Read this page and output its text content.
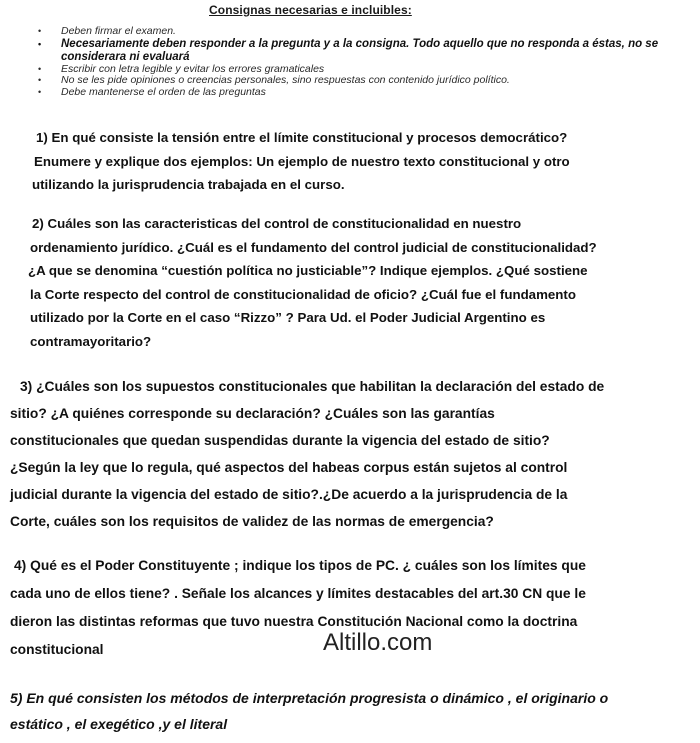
Consignas necesarias e incluibles:
• Deben firmar el examen.
• Necesariamente deben responder a la pregunta y a la consigna. Todo aquello que no responda a éstas, no se considerara ni evaluará
• Escribir con letra legible y evitar los errores gramaticales
• No se les pide opiniones o creencias personales, sino respuestas con contenido jurídico político.
• Debe mantenerse el orden de las preguntas
1) En qué consiste la tensión entre el límite constitucional y procesos democrático?
Enumere y explique dos ejemplos: Un ejemplo de nuestro texto constitucional y otro
utilizando la jurisprudencia trabajada en el curso.
2) Cuáles son las caracteristicas del control de constitucionalidad en nuestro
ordenamiento jurídico. ¿Cuál es el fundamento del control judicial de constitucionalidad?
¿A que se denomina “cuestión política no justiciable”? Indique ejemplos. ¿Qué sostiene
la Corte respecto del control de constitucionalidad de oficio? ¿Cuál fue el fundamento
utilizado por la Corte en el caso “Rizzo” ? Para Ud. el Poder Judicial Argentino es
contramayoritario?
3) ¿Cuáles son los supuestos constitucionales que habilitan la declaración del estado de
sitio? ¿A quiénes corresponde su declaración? ¿Cuáles son las garantías
constitucionales que quedan suspendidas durante la vigencia del estado de sitio?
¿Según la ley que lo regula, qué aspectos del habeas corpus están sujetos al control
judicial durante la vigencia del estado de sitio?.¿De acuerdo a la jurisprudencia de la
Corte, cuáles son los requisitos de validez de las normas de emergencia?
4) Qué es el Poder Constituyente ; indique los tipos de PC. ¿ cuáles son los límites que
cada uno de ellos tiene? . Señale los alcances y límites destacables del art.30 CN que le
dieron las distintas reformas que tuvo nuestra Constitución Nacional como la doctrina
constitucional	Altillo.com
5) En qué consisten los métodos de interpretación progresista o dinámico , el originario o
estático , el exegético ,y el literal
